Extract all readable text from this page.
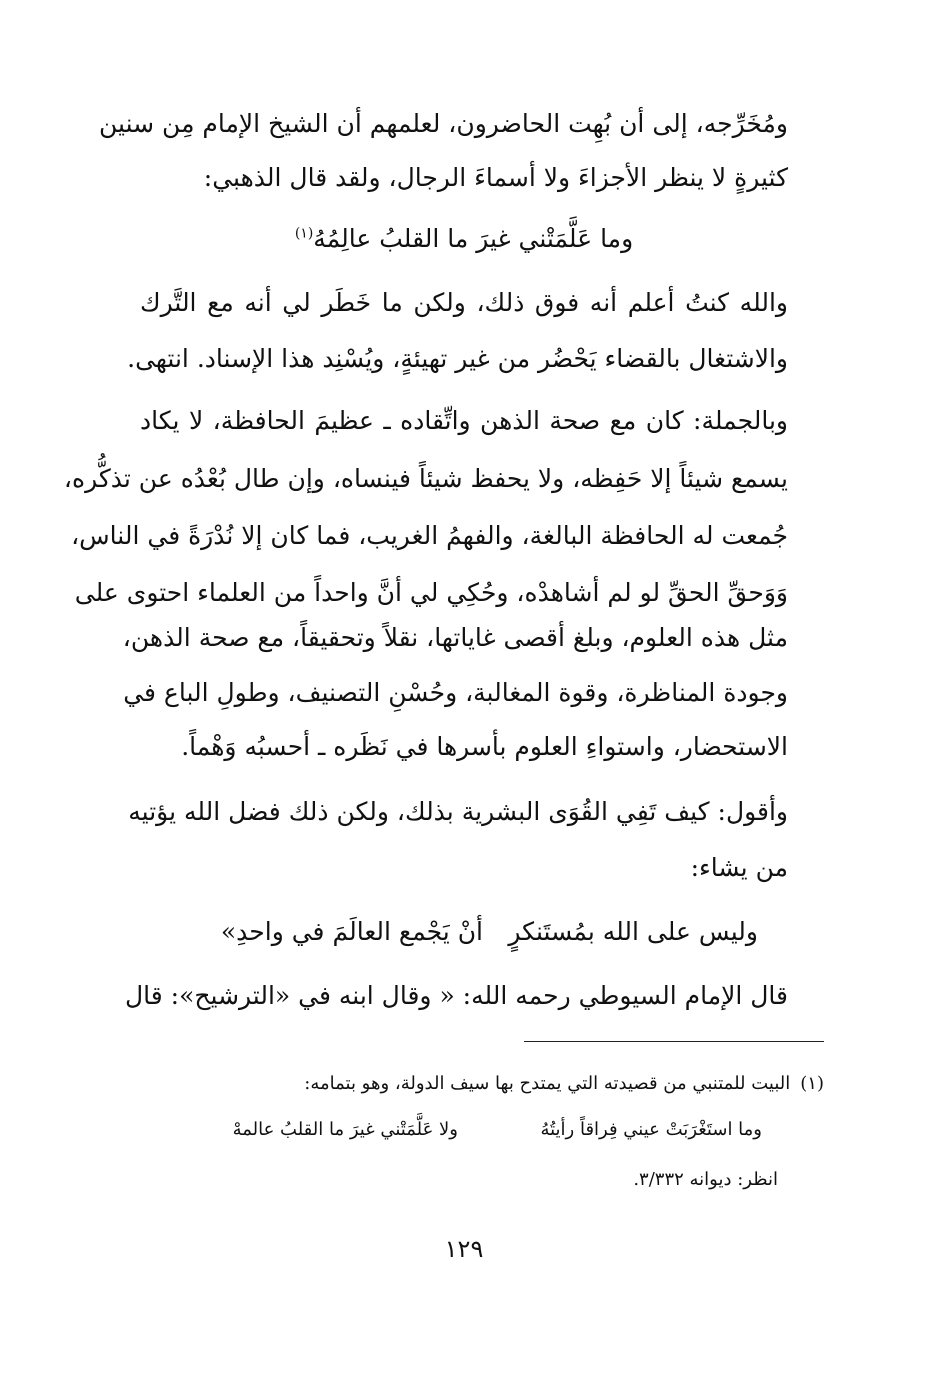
ومُخَرِّجه، إلى أن بُهِت الحاضرون، لعلمهم أن الشيخ الإمام مِن سنين
كثيرةٍ لا ينظر الأجزاءَ ولا أسماءَ الرجال، ولقد قال الذهبي:
وما عَلَّمَتْني غيرَ ما القلبُ عالِمُهُ$^{(١)}$
والله كنتُ أعلم أنه فوق ذلك، ولكن ما خَطَر لي أنه مع التَّرك
والاشتغال بالقضاء يَحْضُر من غير تهيئةٍ، ويُسْنِد هذا الإسناد. انتهى.
وبالجملة: كان مع صحة الذهن واتِّقاده ـ عظيمَ الحافظة، لا يكاد
يسمع شيئاً إلا حَفِظه، ولا يحفظ شيئاً فينساه، وإن طال بُعْدُه عن تذكُّره،
جُمعت له الحافظة البالغة، والفهمُ الغريب، فما كان إلا نُدْرَةً في الناس،
وَوَحقِّ الحقِّ لو لم أشاهدْه، وحُكِي لي أنَّ واحداً من العلماء احتوى على
مثل هذه العلوم، وبلغ أقصى غاياتها، نقلاً وتحقيقاً، مع صحة الذهن،
وجودة المناظرة، وقوة المغالبة، وحُسْنِ التصنيف، وطولِ الباع في
الاستحضار، واستواءِ العلوم بأسرها في نَظَره ـ أحسبُه وَهْماً.
وأقول: كيف تَفِي القُوَى البشرية بذلك، ولكن ذلك فضل الله يؤتيه
من يشاء:
وليس على الله بمُستَنكرٍ
أنْ يَجْمع العالَمَ في واحدِ»
قال الإمام السيوطي رحمه الله: « وقال ابنه في «الترشيح»: قال
(١)البيت للمتنبي من قصيدته التي يمتدح بها سيف الدولة، وهو بتمامه:
وما استَغْرَبَتْ عيني فِراقاً رأيتُهُ
ولا عَلَّمَتْني غيرَ ما القلبُ عالمهْ
انظر: ديوانه ٣/٣٣٢.
١٢٩
